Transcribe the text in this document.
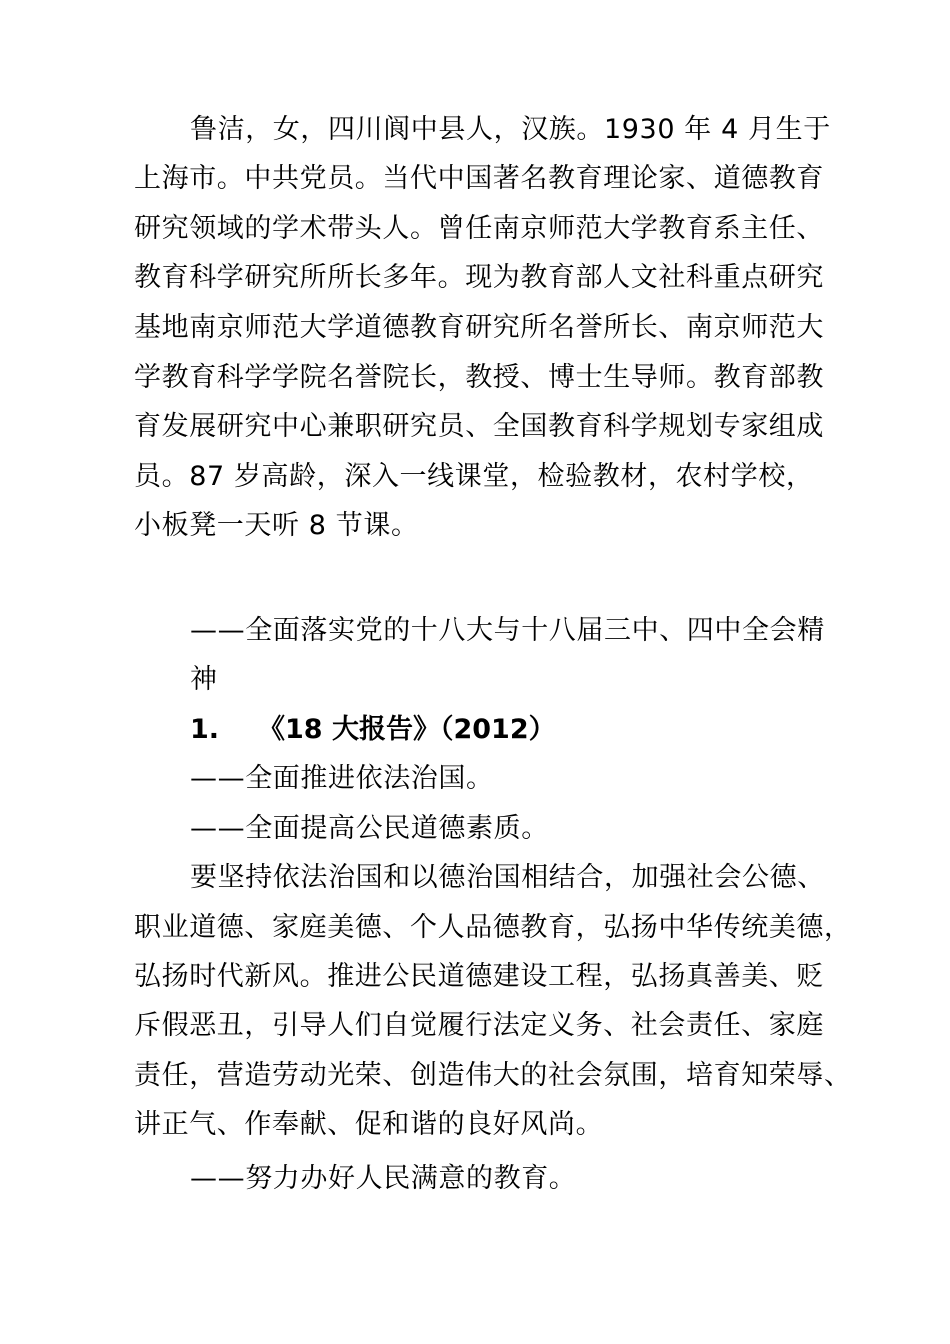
鲁洁，女，四川阆中县人，汉族。1930 年 4 月生于
上海市。中共党员。当代中国著名教育理论家、道德教育
研究领域的学术带头人。曾任南京师范大学教育系主任、
教育科学研究所所长多年。现为教育部人文社科重点研究
基地南京师范大学道德教育研究所名誉所长、南京师范大
学教育科学学院名誉院长，教授、博士生导师。教育部教
育发展研究中心兼职研究员、全国教育科学规划专家组成
员。87 岁高龄，深入一线课堂，检验教材，农村学校，
小板凳一天听 8 节课。
——全面落实党的十八大与十八届三中、四中全会精
神
1. 《18 大报告》（2012）
——全面推进依法治国。
——全面提高公民道德素质。
要坚持依法治国和以德治国相结合，加强社会公德、
职业道德、家庭美德、个人品德教育，弘扬中华传统美德，
弘扬时代新风。推进公民道德建设工程，弘扬真善美、贬
斥假恶丑，引导人们自觉履行法定义务、社会责任、家庭
责任，营造劳动光荣、创造伟大的社会氛围，培育知荣辱、
讲正气、作奉献、促和谐的良好风尚。
——努力办好人民满意的教育。
